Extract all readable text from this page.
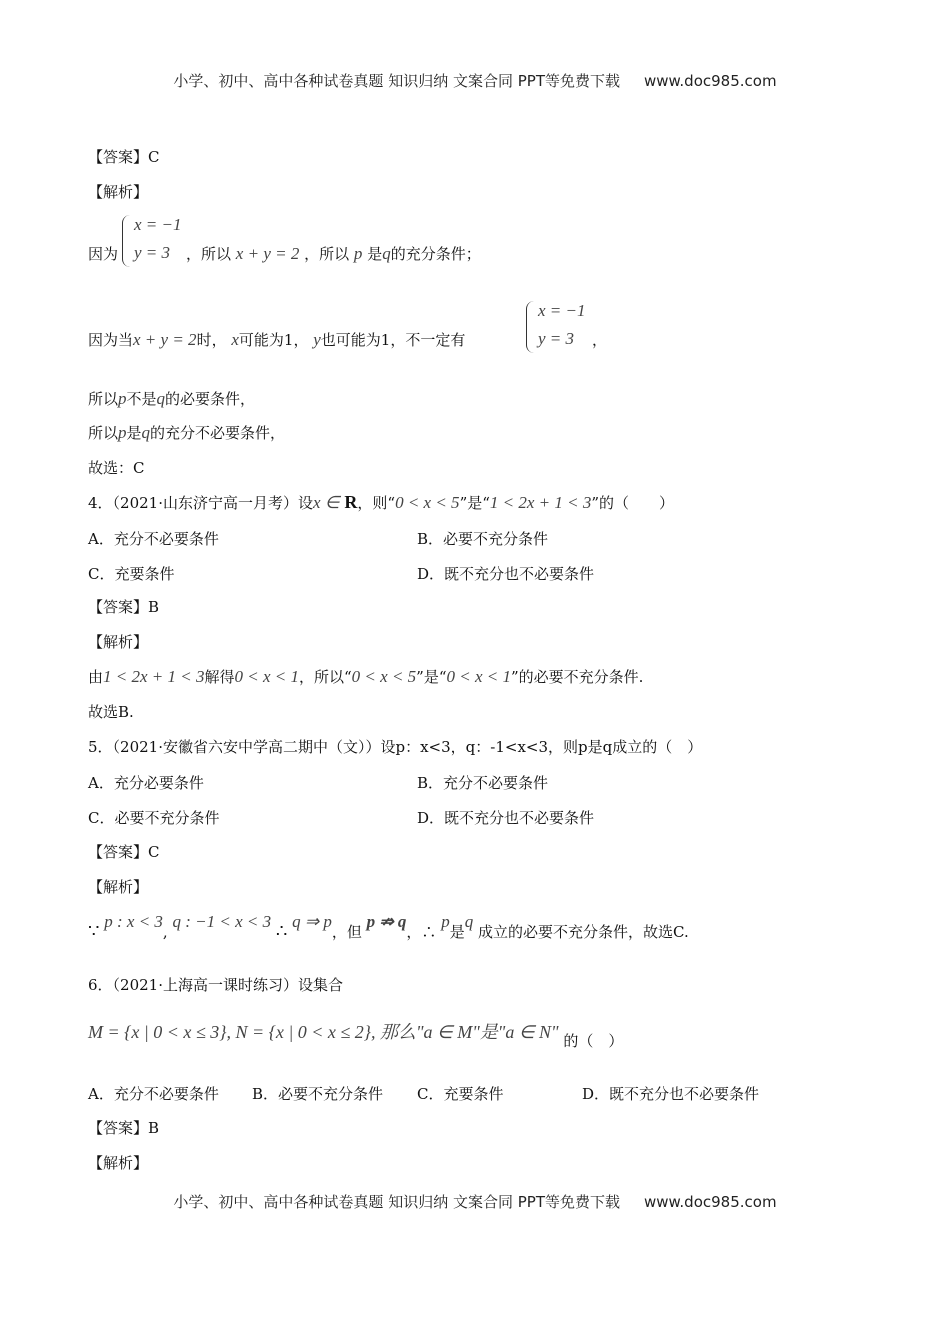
小学、初中、高中各种试卷真题 知识归纳 文案合同 PPT等免费下载 www.doc985.com
【答案】C
【解析】
因为
x = −1
y = 3 ，所以 x + y = 2 ，所以 p 是q的充分条件；
因为当x + y = 2时， x可能为1， y也可能为1，不一定有
x = −1
y = 3 ，
所以p不是q的必要条件，
所以p是q的充分不必要条件，
故选：C
4．（2021·山东济宁高一月考）设x ∈ R，则“0 < x < 5”是“1 < 2x + 1 < 3”的（　　）
A．充分不必要条件	B．必要不充分条件
C．充要条件	D．既不充分也不必要条件
【答案】B
【解析】
由1 < 2x + 1 < 3解得0 < x < 1，所以“0 < x < 5”是“0 < x < 1”的必要不充分条件.
故选B.
5．（2021·安徽省六安中学高二期中（文））设p：x<3，q：-1<x<3，则p是q成立的（　）
A．充分必要条件	B．充分不必要条件
C．必要不充分条件	D．既不充分也不必要条件
【答案】C
【解析】
∵ p : x < 3, q : −1 < x < 3 ∴ q ⇒ p，但 p ⇏ q，∴ p是q 成立的必要不充分条件，故选C.
6．（2021·上海高一课时练习）设集合
M = {x | 0 < x ≤ 3}, N = {x | 0 < x ≤ 2}, 那么"a ∈ M"是"a ∈ N" 的（　）
A．充分不必要条件 B．必要不充分条件 C．充要条件	D．既不充分也不必要条件
【答案】B
【解析】
小学、初中、高中各种试卷真题 知识归纳 文案合同 PPT等免费下载 www.doc985.com
